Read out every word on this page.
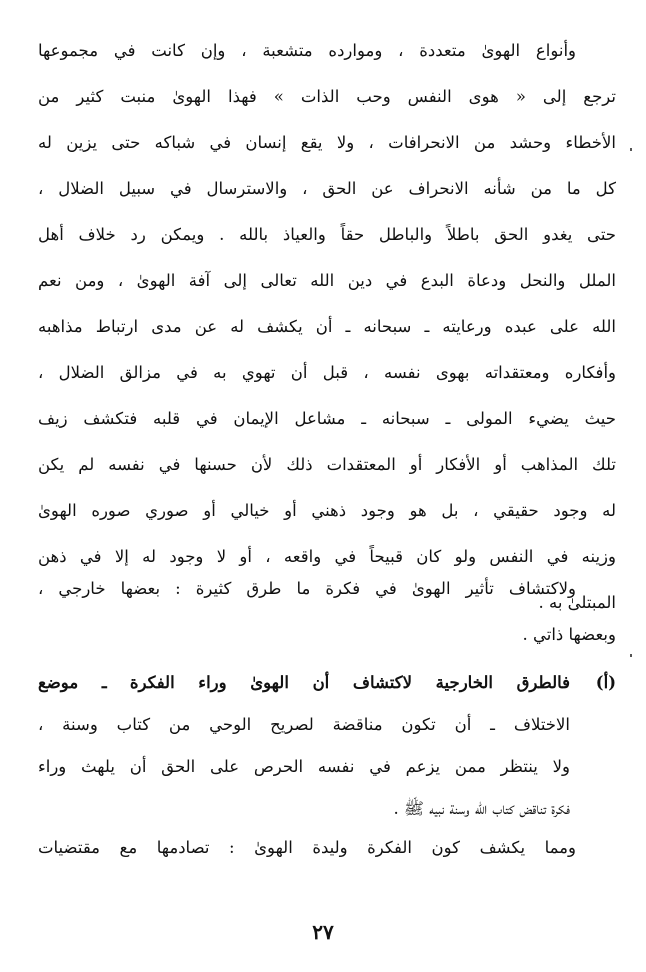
وأنواع الهوىٰ متعددة ، وموارده متشعبة ، وإن كانت في مجموعها
ترجع إلى « هوى النفس وحب الذات » فهذا الهوىٰ منبت كثير من
الأخطاء وحشد من الانحرافات ، ولا يقع إنسان في شباكه حتى يزين له
كل ما من شأنه الانحراف عن الحق ، والاسترسال في سبيل الضلال ،
حتى يغدو الحق باطلاً والباطل حقاً والعياذ بالله . ويمكن رد خلاف أهل
الملل والنحل ودعاة البدع في دين الله تعالى إلى آفة الهوىٰ ، ومن نعم
الله على عبده ورعايته ـ سبحانه ـ أن يكشف له عن مدى ارتباط مذاهبه
وأفكاره ومعتقداته بهوى نفسه ، قبل أن تهوي به في مزالق الضلال ،
حيث يضيء المولى ـ سبحانه ـ مشاعل الإيمان في قلبه فتكشف زيف
تلك المذاهب أو الأفكار أو المعتقدات ذلك لأن حسنها في نفسه لم يكن
له وجود حقيقي ، بل هو وجود ذهني أو خيالي أو صوري صوره الهوىٰ
وزينه في النفس ولو كان قبيحاً في واقعه ، أو لا وجود له إلا في ذهن
المبتلىٰ به .
ولاكتشاف تأثير الهوىٰ في فكرة ما طرق كثيرة : بعضها خارجي ،
وبعضها ذاتي .
(أ)
فالطرق الخارجية لاكتشاف أن الهوىٰ وراء الفكرة ـ موضع
الاختلاف ـ أن تكون مناقضة لصريح الوحي من كتاب وسنة ،
ولا ينتظر ممن يزعم في نفسه الحرص على الحق أن يلهث وراء
فكرة تناقض كتاب الله وسنة نبيه ﷺ .
ومما يكشف كون الفكرة وليدة الهوىٰ : تصادمها مع مقتضيات
٢٧
